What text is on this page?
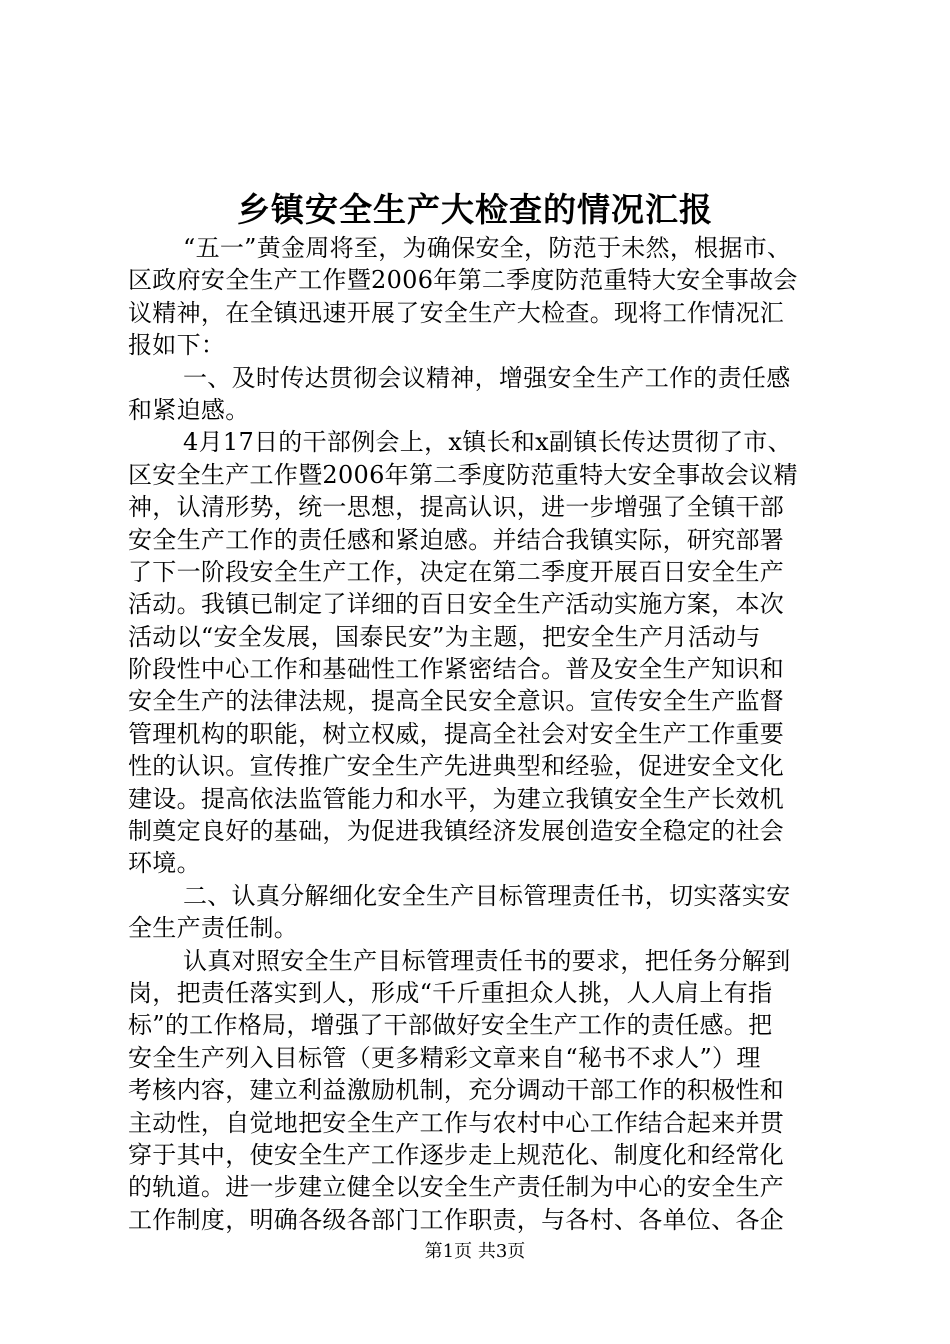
乡镇安全生产大检查的情况汇报
“五一”黄金周将至，为确保安全，防范于未然，根据市、
区政府安全生产工作暨2006年第二季度防范重特大安全事故会
议精神，在全镇迅速开展了安全生产大检查。现将工作情况汇
报如下：
一、及时传达贯彻会议精神，增强安全生产工作的责任感
和紧迫感。
4月17日的干部例会上，x镇长和x副镇长传达贯彻了市、
区安全生产工作暨2006年第二季度防范重特大安全事故会议精
神，认清形势，统一思想，提高认识，进一步增强了全镇干部
安全生产工作的责任感和紧迫感。并结合我镇实际，研究部署
了下一阶段安全生产工作，决定在第二季度开展百日安全生产
活动。我镇已制定了详细的百日安全生产活动实施方案，本次
活动以“安全发展，国泰民安”为主题，把安全生产月活动与
阶段性中心工作和基础性工作紧密结合。普及安全生产知识和
安全生产的法律法规，提高全民安全意识。宣传安全生产监督
管理机构的职能，树立权威，提高全社会对安全生产工作重要
性的认识。宣传推广安全生产先进典型和经验，促进安全文化
建设。提高依法监管能力和水平，为建立我镇安全生产长效机
制奠定良好的基础，为促进我镇经济发展创造安全稳定的社会
环境。
二、认真分解细化安全生产目标管理责任书，切实落实安
全生产责任制。
认真对照安全生产目标管理责任书的要求，把任务分解到
岗，把责任落实到人，形成“千斤重担众人挑，人人肩上有指
标”的工作格局，增强了干部做好安全生产工作的责任感。把
安全生产列入目标管（更多精彩文章来自“秘书不求人”）理
考核内容，建立利益激励机制，充分调动干部工作的积极性和
主动性，自觉地把安全生产工作与农村中心工作结合起来并贯
穿于其中，使安全生产工作逐步走上规范化、制度化和经常化
的轨道。进一步建立健全以安全生产责任制为中心的安全生产
工作制度，明确各级各部门工作职责，与各村、各单位、各企
第1页 共3页
